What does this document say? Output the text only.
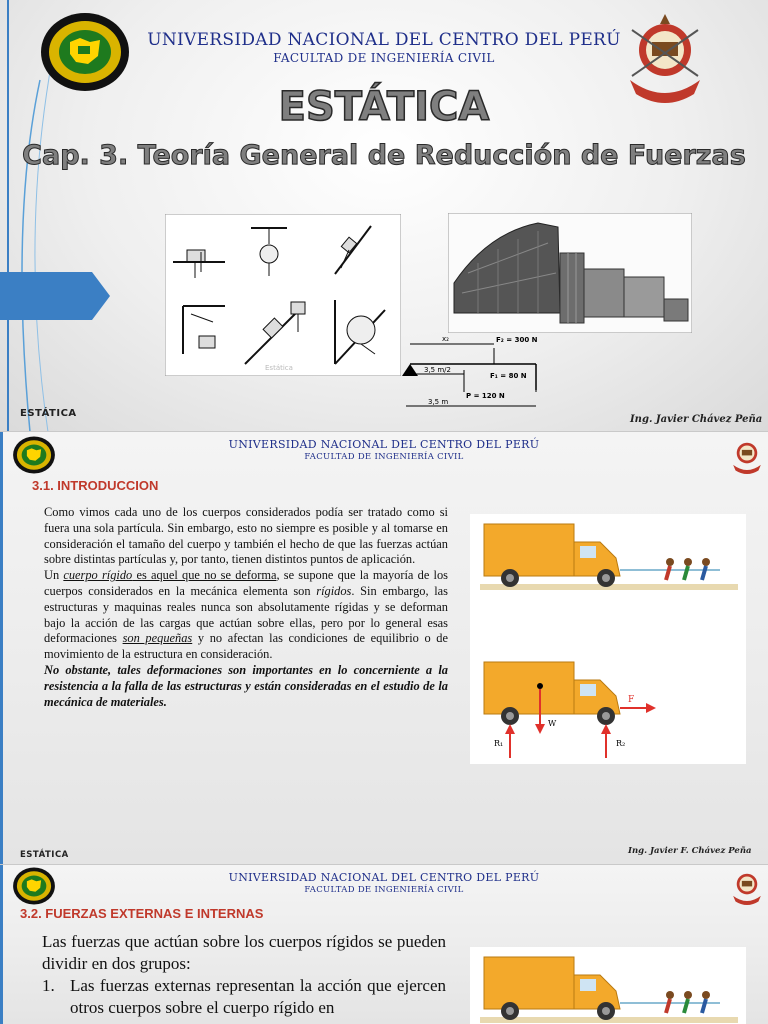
UNIVERSIDAD NACIONAL DEL CENTRO DEL PERÚ
FACULTAD DE INGENIERÍA CIVIL
ESTÁTICA
Cap. 3. Teoría General de Reducción de Fuerzas
Estática
x₂	F₂ = 300 N
3,5 m/2
F₁ = 80 N
P = 120 N
3,5 m
ESTÁTICA
Ing. Javier Chávez Peña
UNIVERSIDAD NACIONAL DEL CENTRO DEL PERÚ
FACULTAD DE INGENIERÍA CIVIL
3.1. INTRODUCCION
Como vimos cada uno de los cuerpos considerados podía ser tratado como si fuera una sola partícula. Sin embargo, esto no siempre es posible y al tomarse en consideración el tamaño del cuerpo y también el hecho de que las fuerzas actúan sobre distintas partículas y, por tanto, tienen distintos puntos de aplicación.
Un cuerpo rígido es aquel que no se deforma, se supone que la mayoría de los cuerpos considerados en la mecánica elementa son rígidos. Sin embargo, las estructuras y maquinas reales nunca son absolutamente rígidas y se deforman bajo la acción de las cargas que actúan sobre ellas, pero por lo general esas deformaciones son pequeñas y no afectan las condiciones de equilibrio o de movimiento de la estructura en consideración.
No obstante, tales deformaciones son importantes en lo concerniente a la resistencia a la falla de las estructuras y están consideradas en el estudio de la mecánica de materiales.
W
F
R₁	R₂
ESTÁTICA	Ing. Javier F. Chávez Peña
UNIVERSIDAD NACIONAL DEL CENTRO DEL PERÚ
FACULTAD DE INGENIERÍA CIVIL
3.2. FUERZAS EXTERNAS E INTERNAS
Las fuerzas que actúan sobre los cuerpos rígidos se pueden dividir en dos grupos:
1. Las fuerzas externas representan la acción que ejercen otros cuerpos sobre el cuerpo rígido en
